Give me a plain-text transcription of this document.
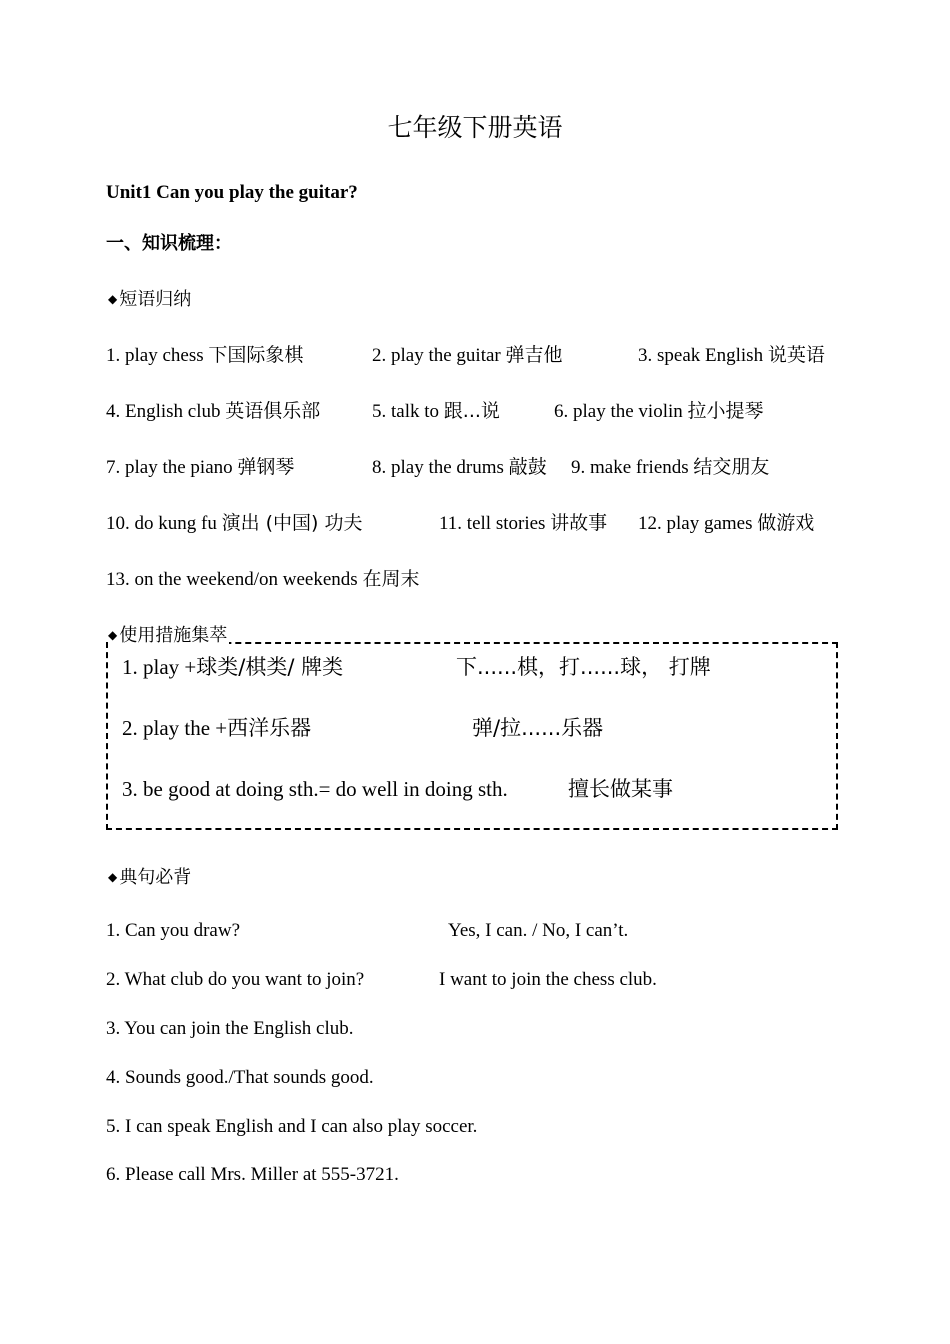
七年级下册英语
Unit1 Can you play the guitar?
一、知识梳理：
◆ 短语归纳
1. play chess 下国际象棋	2. play the guitar 弹吉他	3. speak English 说英语
4. English club 英语俱乐部	5. talk to 跟...说	6. play the violin 拉小提琴
7. play the piano 弹钢琴	8. play the drums 敲鼓 9. make friends 结交朋友
10. do kung fu 演出 (中国) 功夫	11. tell stories 讲故事 12. play games 做游戏
13. on the weekend/on weekends 在周末
◆ 使用措施集萃
1. play +球类/棋类/ 牌类	下......棋，打......球， 打牌
2. play the +西洋乐器	弹/拉......乐器
3. be good at doing sth.= do well in doing sth.	擅长做某事
◆ 典句必背
1. Can you draw?	Yes, I can. / No, I can’t.
2. What club do you want to join?	I want to join the chess club.
3. You can join the English club.
4. Sounds good./That sounds good.
5. I can speak English and I can also play soccer.
6. Please call Mrs. Miller at 555-3721.
